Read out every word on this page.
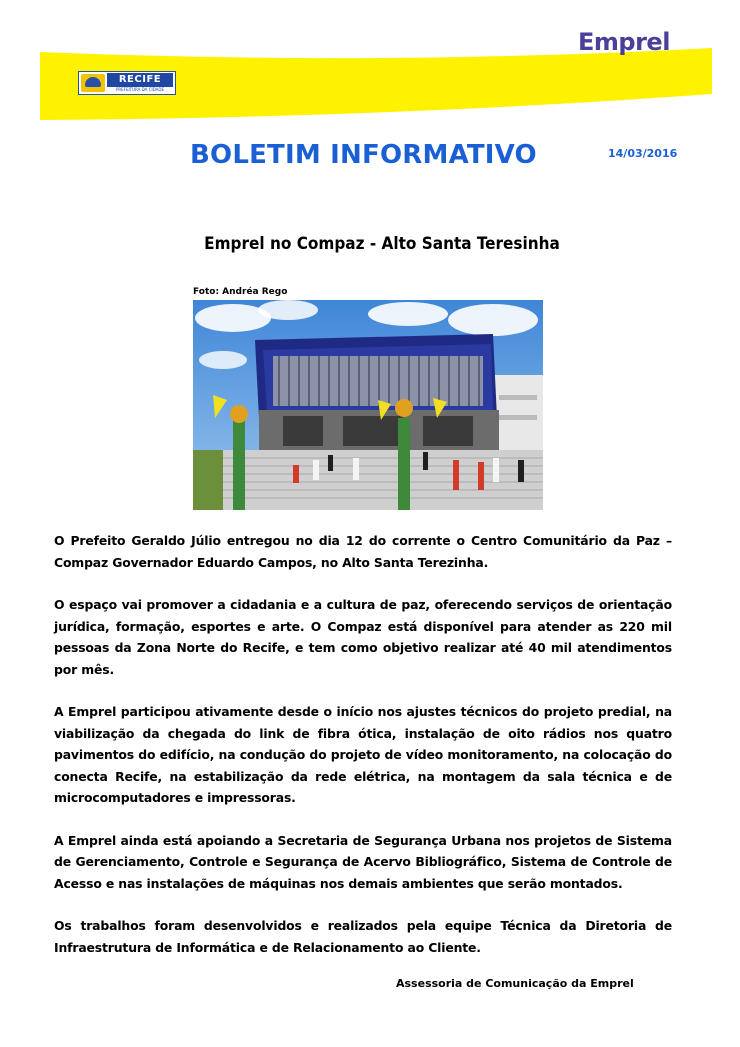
Emprel
RECIFE
PREFEITURA DA CIDADE
BOLETIM INFORMATIVO	14/03/2016
Emprel no Compaz - Alto Santa Teresinha
Foto: Andréa Rego

O Prefeito Geraldo Júlio entregou no dia 12 do corrente o Centro Comunitário da Paz – Compaz Governador Eduardo Campos, no Alto Santa Terezinha.

O espaço vai promover a cidadania e a cultura de paz, oferecendo serviços de orientação jurídica, formação, esportes e arte. O Compaz está disponível para atender as 220 mil pessoas da Zona Norte do Recife, e tem como objetivo realizar até 40 mil atendimentos por mês.

A Emprel participou ativamente desde o início nos ajustes técnicos do projeto predial, na viabilização da chegada do link de fibra ótica, instalação de oito rádios nos quatro pavimentos do edifício, na condução do projeto de vídeo monitoramento, na colocação do conecta Recife, na estabilização da rede elétrica, na montagem da sala técnica e de microcomputadores e impressoras.

A Emprel ainda está apoiando a Secretaria de Segurança Urbana nos projetos de Sistema de Gerenciamento, Controle e Segurança de Acervo Bibliográfico, Sistema de Controle de Acesso e nas instalações de máquinas nos demais ambientes que serão montados.

Os trabalhos foram desenvolvidos e realizados pela equipe Técnica da Diretoria de Infraestrutura de Informática e de Relacionamento ao Cliente.

Assessoria de Comunicação da Emprel
